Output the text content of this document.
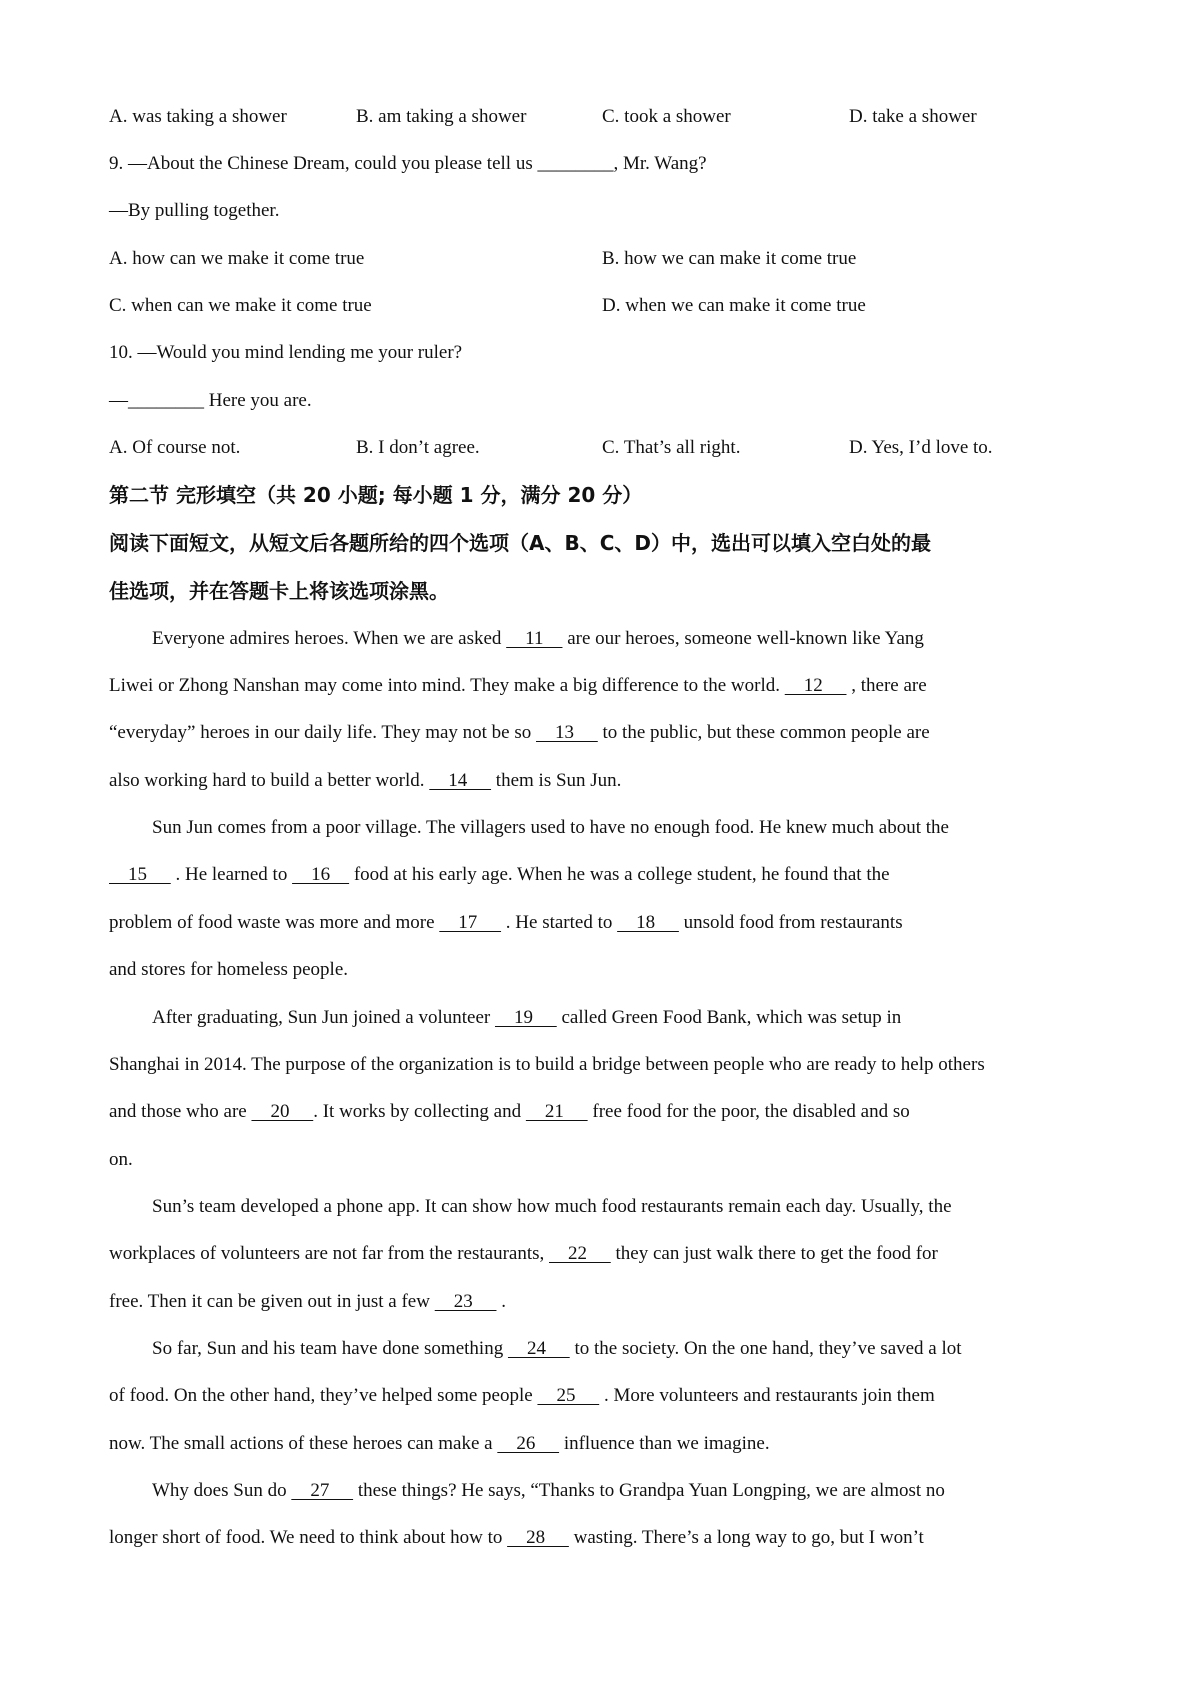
A. was taking a shower	B. am taking a shower	C. took a shower	D. take a shower
9. —About the Chinese Dream, could you please tell us ________, Mr. Wang?
—By pulling together.
A. how can we make it come true	B. how we can make it come true
C. when can we make it come true	D. when we can make it come true
10. —Would you mind lending me your ruler?
—________ Here you are.
A. Of course not.	B. I don’t agree.	C. That’s all right.	D. Yes, I’d love to.
第二节 完形填空（共 20 小题; 每小题 1 分，满分 20 分）
阅读下面短文，从短文后各题所给的四个选项（A、B、C、D）中，选出可以填入空白处的最
佳选项，并在答题卡上将该选项涂黑。
Everyone admires heroes. When we are asked     11     are our heroes, someone well-known like Yang
Liwei or Zhong Nanshan may come into mind. They make a big difference to the world.     12      , there are
“everyday” heroes in our daily life. They may not be so     13      to the public, but these common people are
also working hard to build a better world.     14      them is Sun Jun.
Sun Jun comes from a poor village. The villagers used to have no enough food. He knew much about the
15      . He learned to     16     food at his early age. When he was a college student, he found that the
problem of food waste was more and more     17      . He started to     18      unsold food from restaurants
and stores for homeless people.
After graduating, Sun Jun joined a volunteer     19      called Green Food Bank, which was setup in
Shanghai in 2014. The purpose of the organization is to build a bridge between people who are ready to help others
and those who are     20     . It works by collecting and     21      free food for the poor, the disabled and so
on.
Sun’s team developed a phone app. It can show how much food restaurants remain each day. Usually, the
workplaces of volunteers are not far from the restaurants,     22      they can just walk there to get the food for
free. Then it can be given out in just a few     23      .
So far, Sun and his team have done something     24      to the society. On the one hand, they’ve saved a lot
of food. On the other hand, they’ve helped some people     25      . More volunteers and restaurants join them
now. The small actions of these heroes can make a     26      influence than we imagine.
Why does Sun do     27      these things? He says, “Thanks to Grandpa Yuan Longping, we are almost no
longer short of food. We need to think about how to     28      wasting. There’s a long way to go, but I won’t
